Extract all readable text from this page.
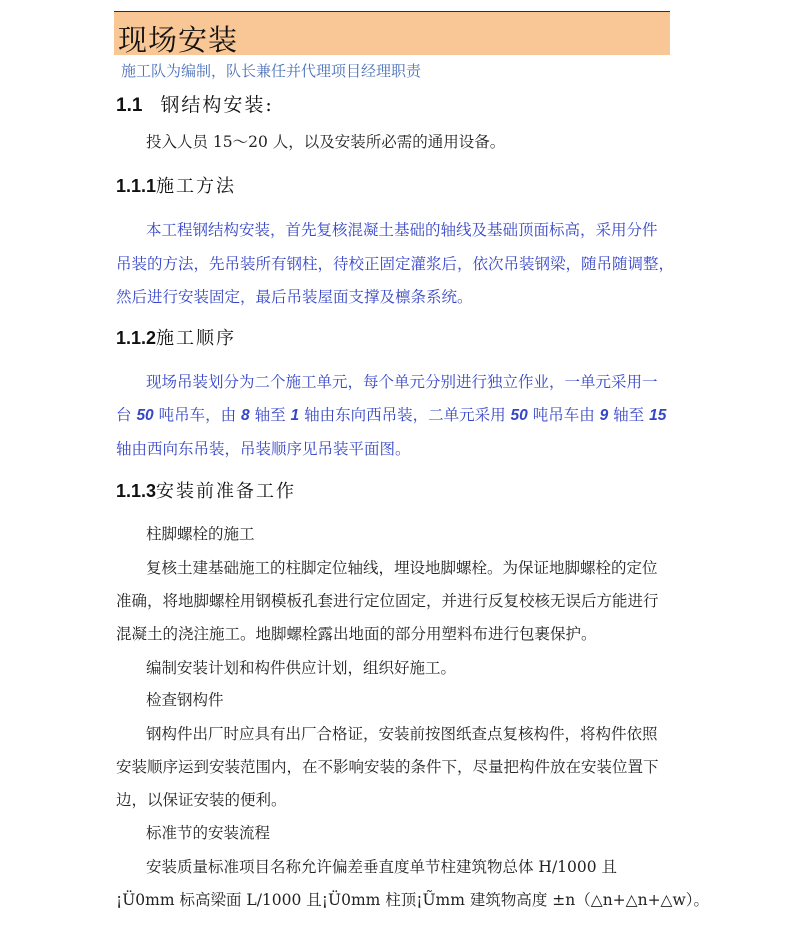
现场安装
施工队为编制，队长兼任并代理项目经理职责
1.1 钢结构安装:
投入人员 15～20 人，以及安装所必需的通用设备。
1.1.1施工方法
本工程钢结构安装，首先复核混凝土基础的轴线及基础顶面标高，采用分件
吊装的方法，先吊装所有钢柱，待校正固定灌浆后，依次吊装钢梁，随吊随调整，
然后进行安装固定，最后吊装屋面支撑及檩条系统。
1.1.2施工顺序
现场吊装划分为二个施工单元，每个单元分别进行独立作业，一单元采用一
台 50 吨吊车，由 8 轴至 1 轴由东向西吊装，二单元采用 50 吨吊车由 9 轴至 15
轴由西向东吊装，吊装顺序见吊装平面图。
1.1.3安装前准备工作
柱脚螺栓的施工
复核土建基础施工的柱脚定位轴线，埋设地脚螺栓。为保证地脚螺栓的定位
准确，将地脚螺栓用钢模板孔套进行定位固定，并进行反复校核无误后方能进行
混凝土的浇注施工。地脚螺栓露出地面的部分用塑料布进行包裹保护。
编制安装计划和构件供应计划，组织好施工。
检查钢构件
钢构件出厂时应具有出厂合格证，安装前按图纸查点复核构件，将构件依照
安装顺序运到安装范围内，在不影响安装的条件下，尽量把构件放在安装位置下
边，以保证安装的便利。
标准节的安装流程
安装质量标准项目名称允许偏差垂直度单节柱建筑物总体 H/1000 且
¡Ü0mm 标高梁面 L/1000 且¡Ü0mm 柱顶¡Ũmm 建筑物高度 ±n（△n+△n+△w）。
